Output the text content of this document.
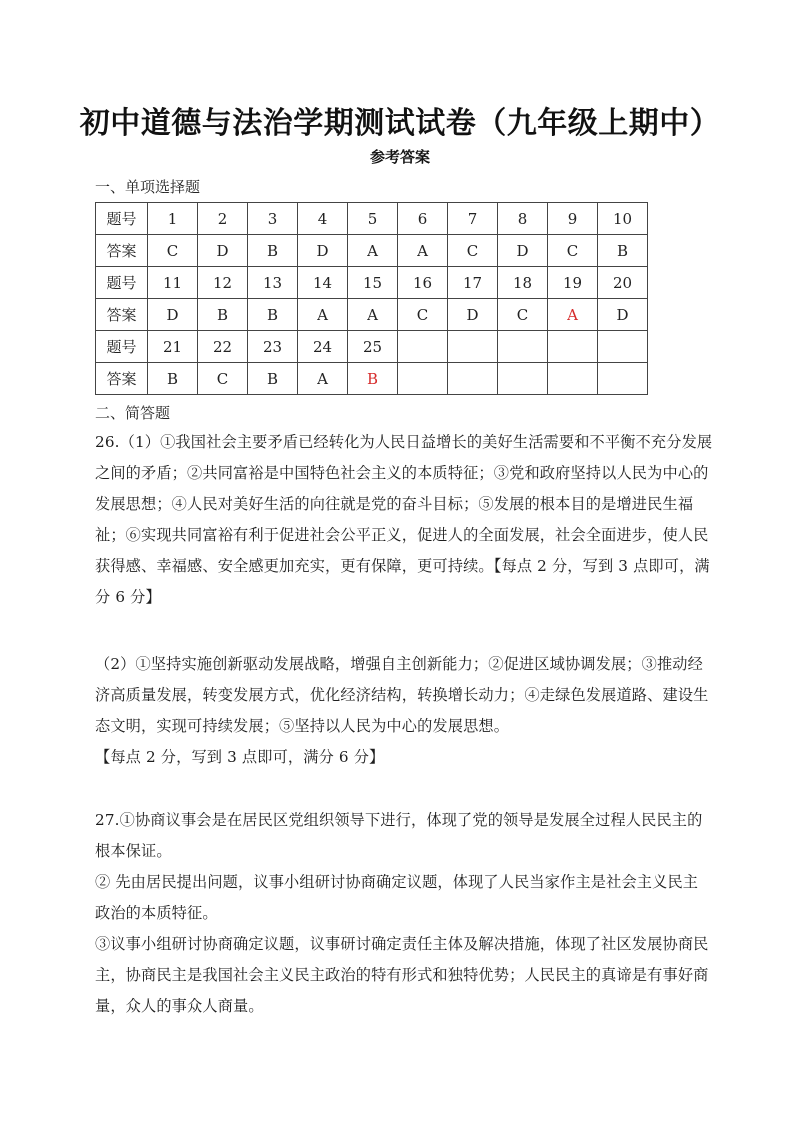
初中道德与法治学期测试试卷（九年级上期中）
参考答案
一、单项选择题
题号	1	2	3	4	5	6	7	8	9	10
答案	C	D	B	D	A	A	C	D	C	B
题号	11	12	13	14	15	16	17	18	19	20
答案	D	B	B	A	A	C	D	C	A	D
题号	21	22	23	24	25					
答案	B	C	B	A	B					
二、简答题

26.（1）①我国社会主要矛盾已经转化为人民日益增长的美好生活需要和不平衡不充分发展之间的矛盾；②共同富裕是中国特色社会主义的本质特征；③党和政府坚持以人民为中心的发展思想；④人民对美好生活的向往就是党的奋斗目标；⑤发展的根本目的是增进民生福祉；⑥实现共同富裕有利于促进社会公平正义，促进人的全面发展，社会全面进步，使人民获得感、幸福感、安全感更加充实，更有保障，更可持续。【每点 2 分，写到 3 点即可，满分 6 分】

（2）①坚持实施创新驱动发展战略，增强自主创新能力；②促进区域协调发展；③推动经济高质量发展，转变发展方式，优化经济结构，转换增长动力；④走绿色发展道路、建设生态文明，实现可持续发展；⑤坚持以人民为中心的发展思想。

【每点 2 分，写到 3 点即可，满分 6 分】

27.①协商议事会是在居民区党组织领导下进行，体现了党的领导是发展全过程人民民主的根本保证。

② 先由居民提出问题，议事小组研讨协商确定议题，体现了人民当家作主是社会主义民主政治的本质特征。

③议事小组研讨协商确定议题，议事研讨确定责任主体及解决措施，体现了社区发展协商民主，协商民主是我国社会主义民主政治的特有形式和独特优势；人民民主的真谛是有事好商量，众人的事众人商量。
